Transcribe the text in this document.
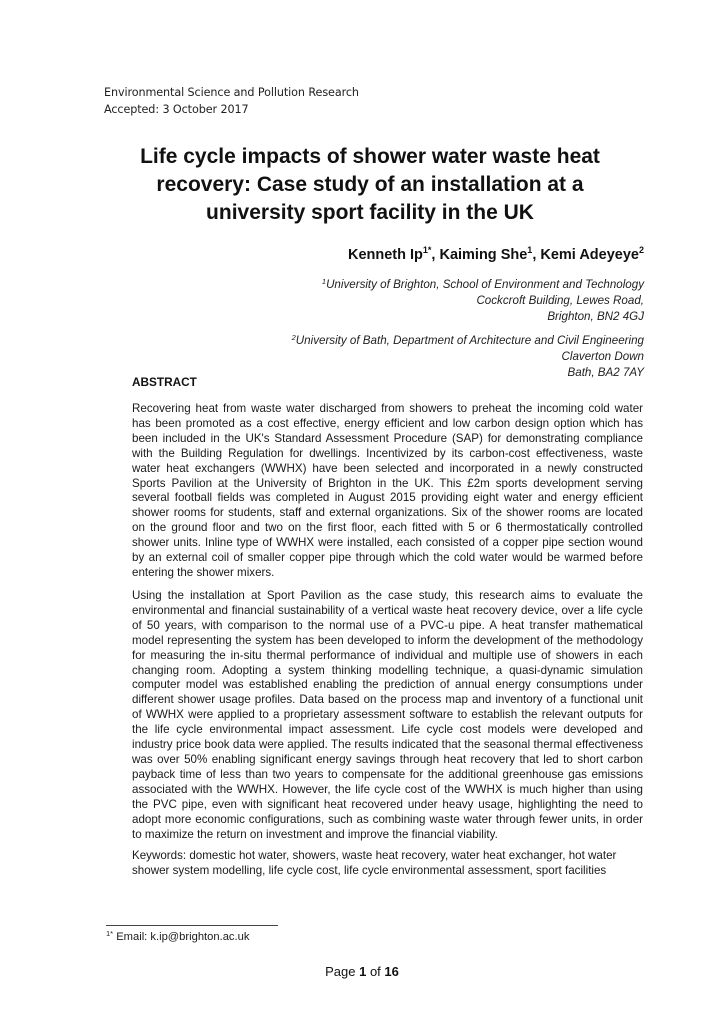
Environmental Science and Pollution Research
Accepted: 3 October 2017
Life cycle impacts of shower water waste heat
recovery: Case study of an installation at a
university sport facility in the UK
Kenneth $Ip^{1*}$, Kaiming She$^1$, Kemi Adeyeye$^2$
$^1$University of Brighton, School of Environment and Technology
Cockcroft Building, Lewes Road,
Brighton, BN2 4GJ
$^2$University of Bath, Department of Architecture and Civil Engineering
Claverton Down
Bath, BA2 7AY
ABSTRACT

Recovering heat from waste water discharged from showers to preheat the incoming cold water has been promoted as a cost effective, energy efficient and low carbon design option which has been included in the UK's Standard Assessment Procedure (SAP) for demonstrating compliance with the Building Regulation for dwellings. Incentivized by its carbon-cost effectiveness, waste water heat exchangers (WWHX) have been selected and incorporated in a newly constructed Sports Pavilion at the University of Brighton in the UK. This £2m sports development serving several football fields was completed in August 2015 providing eight water and energy efficient shower rooms for students, staff and external organizations. Six of the shower rooms are located on the ground floor and two on the first floor, each fitted with 5 or 6 thermostatically controlled shower units. Inline type of WWHX were installed, each consisted of a copper pipe section wound by an external coil of smaller copper pipe through which the cold water would be warmed before entering the shower mixers.

Using the installation at Sport Pavilion as the case study, this research aims to evaluate the environmental and financial sustainability of a vertical waste heat recovery device, over a life cycle of 50 years, with comparison to the normal use of a PVC-u pipe. A heat transfer mathematical model representing the system has been developed to inform the development of the methodology for measuring the in-situ thermal performance of individual and multiple use of showers in each changing room. Adopting a system thinking modelling technique, a quasi-dynamic simulation computer model was established enabling the prediction of annual energy consumptions under different shower usage profiles. Data based on the process map and inventory of a functional unit of WWHX were applied to a proprietary assessment software to establish the relevant outputs for the life cycle environmental impact assessment. Life cycle cost models were developed and industry price book data were applied. The results indicated that the seasonal thermal effectiveness was over 50% enabling significant energy savings through heat recovery that led to short carbon payback time of less than two years to compensate for the additional greenhouse gas emissions associated with the WWHX. However, the life cycle cost of the WWHX is much higher than using the PVC pipe, even with significant heat recovered under heavy usage, highlighting the need to adopt more economic configurations, such as combining waste water through fewer units, in order to maximize the return on investment and improve the financial viability.

Keywords: domestic hot water, showers, waste heat recovery, water heat exchanger, hot water shower system modelling, life cycle cost, life cycle environmental assessment, sport facilities

$^{1*}$ Email: k.ip@brighton.ac.uk
Page 1 of 16
